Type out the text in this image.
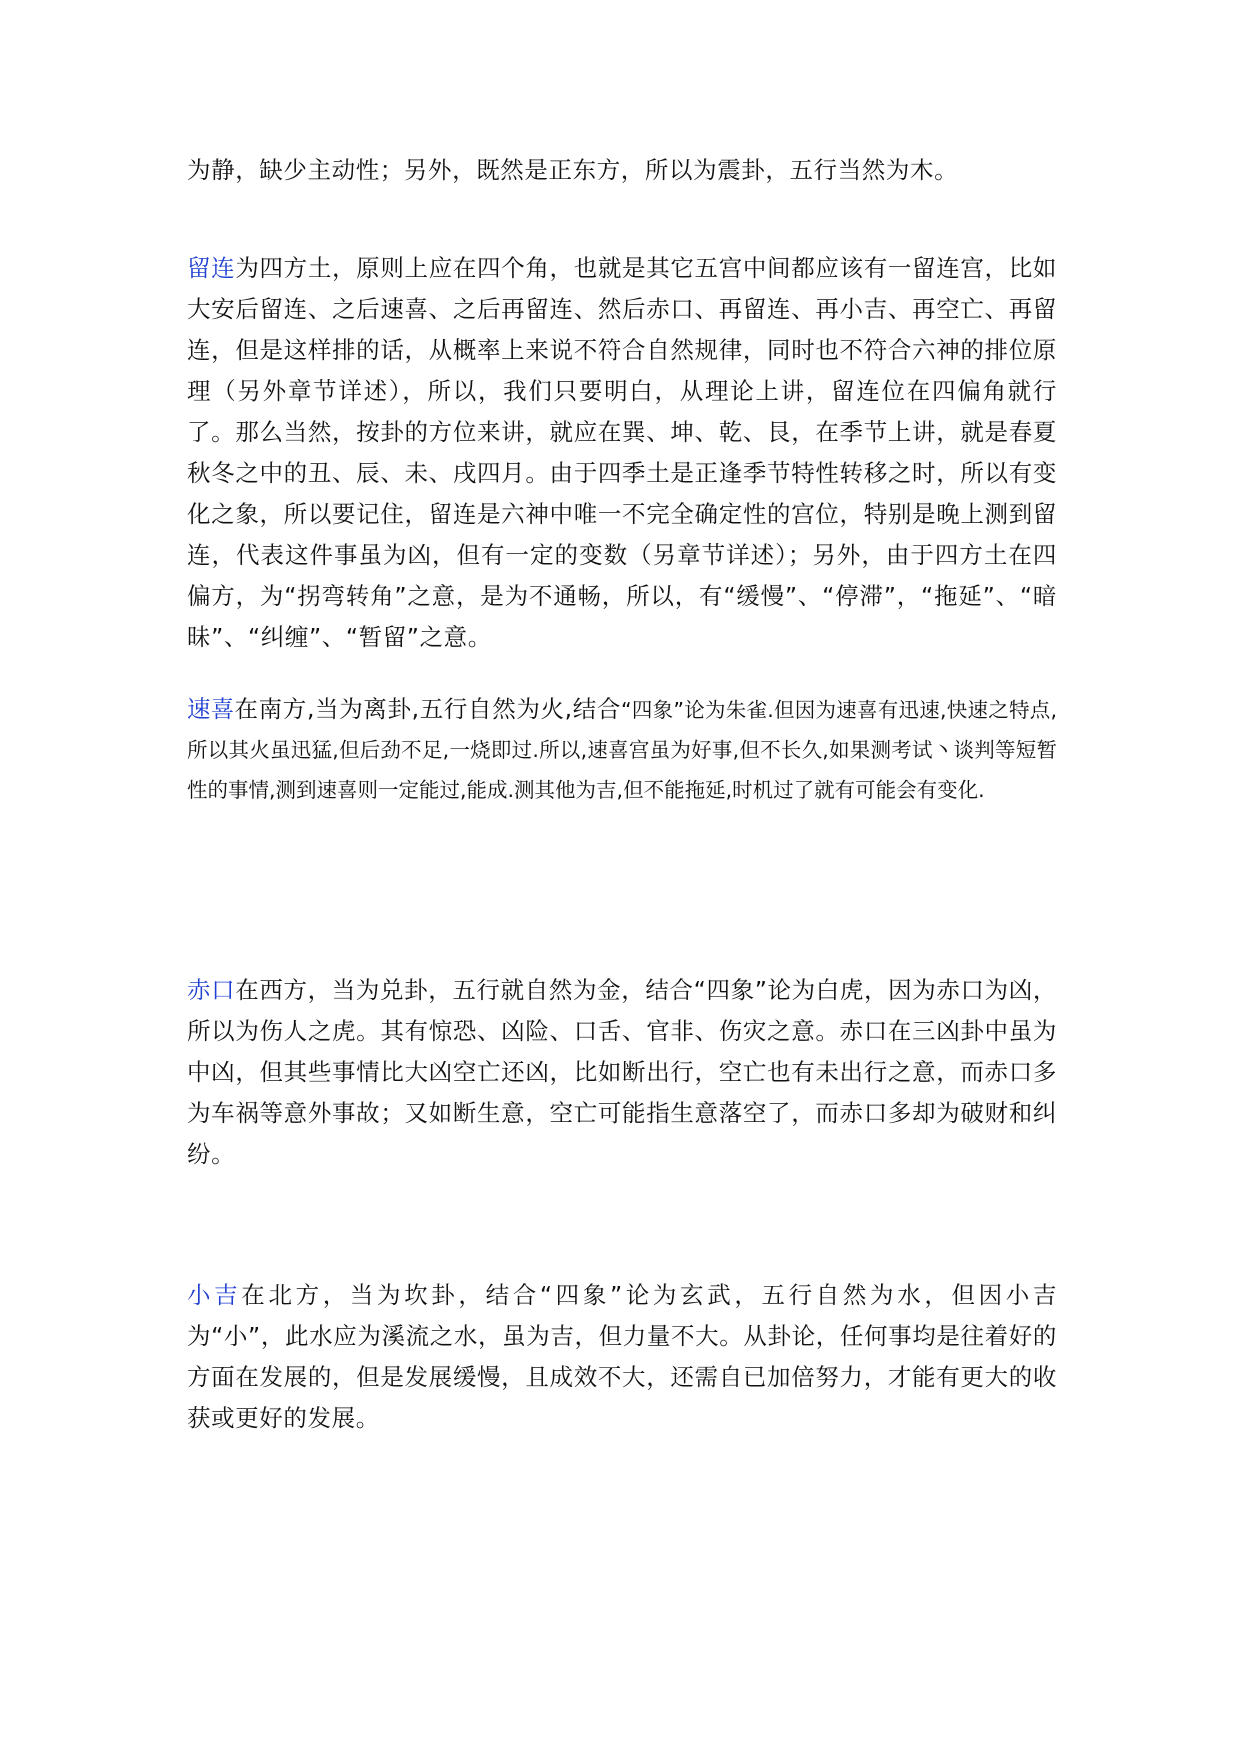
为静，缺少主动性；另外，既然是正东方，所以为震卦，五行当然为木。

留连为四方土，原则上应在四个角，也就是其它五宫中间都应该有一留连宫，比如大安后留连、之后速喜、之后再留连、然后赤口、再留连、再小吉、再空亡、再留连，但是这样排的话，从概率上来说不符合自然规律，同时也不符合六神的排位原理（另外章节详述），所以，我们只要明白，从理论上讲，留连位在四偏角就行了。那么当然，按卦的方位来讲，就应在巽、坤、乾、艮，在季节上讲，就是春夏秋冬之中的丑、辰、未、戌四月。由于四季土是正逢季节特性转移之时，所以有变化之象，所以要记住，留连是六神中唯一不完全确定性的宫位，特别是晚上测到留连，代表这件事虽为凶，但有一定的变数（另章节详述）；另外，由于四方土在四偏方，为“拐弯转角”之意，是为不通畅，所以，有“缓慢”、“停滞”，“拖延”、“暗昧”、“纠缠”、“暂留”之意。

速喜在南方,当为离卦,五行自然为火,结合“四象”论为朱雀.但因为速喜有迅速,快速之特点,所以其火虽迅猛,但后劲不足,一烧即过.所以,速喜宫虽为好事,但不长久,如果测考试丶谈判等短暂性的事情,测到速喜则一定能过,能成.测其他为吉,但不能拖延,时机过了就有可能会有变化.

赤口在西方，当为兑卦，五行就自然为金，结合“四象”论为白虎，因为赤口为凶，所以为伤人之虎。其有惊恐、凶险、口舌、官非、伤灾之意。赤口在三凶卦中虽为中凶，但其些事情比大凶空亡还凶，比如断出行，空亡也有未出行之意，而赤口多为车祸等意外事故；又如断生意，空亡可能指生意落空了，而赤口多却为破财和纠纷。

小吉在北方，当为坎卦，结合“四象”论为玄武，五行自然为水，但因小吉为“小”，此水应为溪流之水，虽为吉，但力量不大。从卦论，任何事均是往着好的方面在发展的，但是发展缓慢，且成效不大，还需自已加倍努力，才能有更大的收获或更好的发展。
